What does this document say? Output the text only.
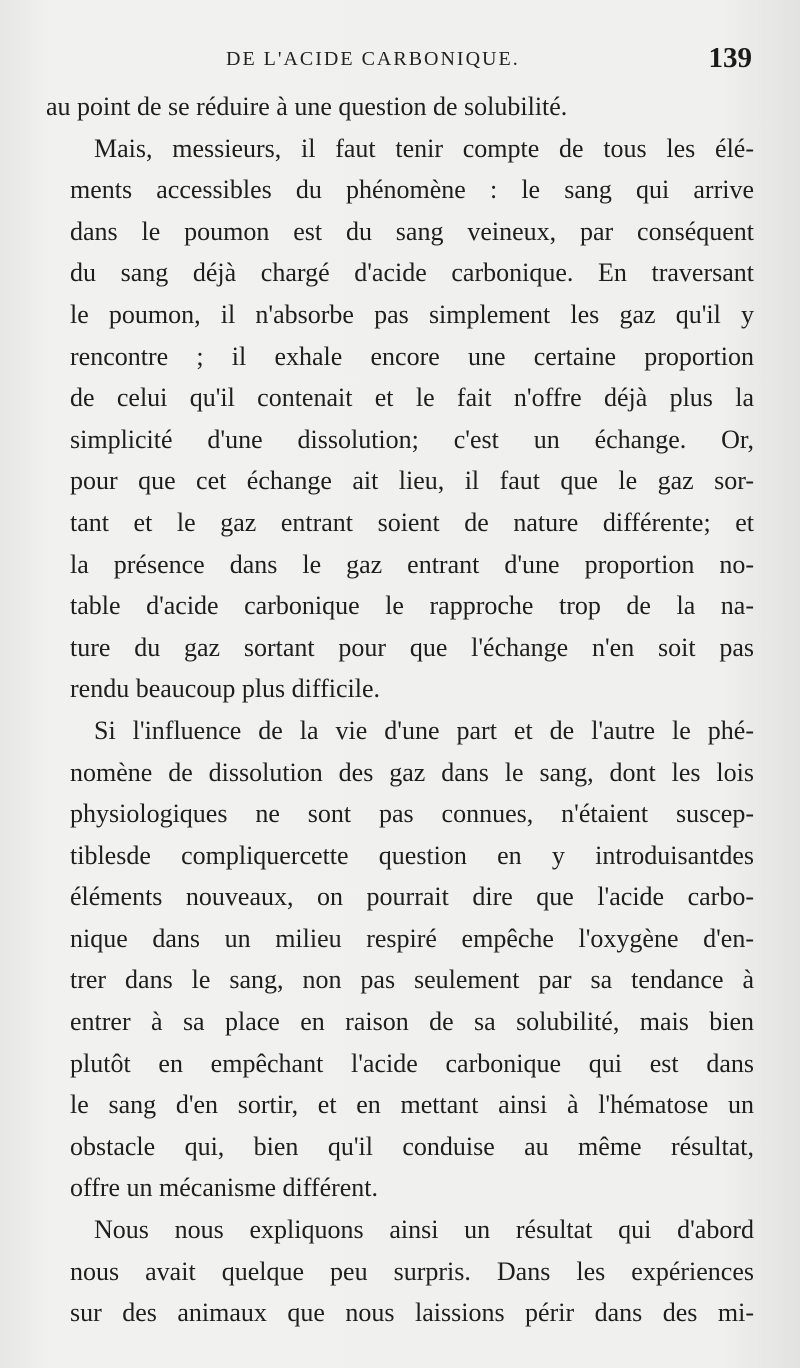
DE L'ACIDE CARBONIQUE.	139
au point de se réduire à une question de solubilité.
Mais, messieurs, il faut tenir compte de tous les élé-
ments accessibles du phénomène : le sang qui arrive
dans le poumon est du sang veineux, par conséquent
du sang déjà chargé d'acide carbonique. En traversant
le poumon, il n'absorbe pas simplement les gaz qu'il y
rencontre ; il exhale encore une certaine proportion
de celui qu'il contenait et le fait n'offre déjà plus la
simplicité d'une dissolution; c'est un échange. Or,
pour que cet échange ait lieu, il faut que le gaz sor-
tant et le gaz entrant soient de nature différente; et
la présence dans le gaz entrant d'une proportion no-
table d'acide carbonique le rapproche trop de la na-
ture du gaz sortant pour que l'échange n'en soit pas
rendu beaucoup plus difficile.
Si l'influence de la vie d'une part et de l'autre le phé-
nomène de dissolution des gaz dans le sang, dont les lois
physiologiques ne sont pas connues, n'étaient suscep-
tiblesde compliquercette question en y introduisantdes
éléments nouveaux, on pourrait dire que l'acide carbo-
nique dans un milieu respiré empêche l'oxygène d'en-
trer dans le sang, non pas seulement par sa tendance à
entrer à sa place en raison de sa solubilité, mais bien
plutôt en empêchant l'acide carbonique qui est dans
le sang d'en sortir, et en mettant ainsi à l'hématose un
obstacle qui, bien qu'il conduise au même résultat,
offre un mécanisme différent.
Nous nous expliquons ainsi un résultat qui d'abord
nous avait quelque peu surpris. Dans les expériences
sur des animaux que nous laissions périr dans des mi-
